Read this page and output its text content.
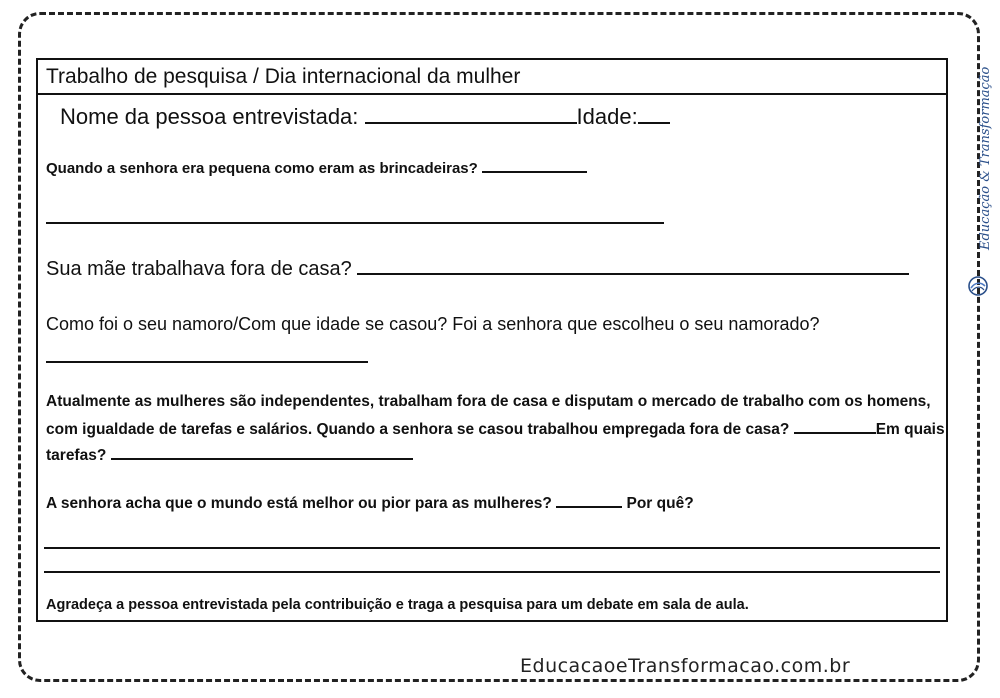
Trabalho de pesquisa / Dia internacional da mulher
Nome da pessoa entrevistada:	Idade:
Quando a senhora era pequena como eram as brincadeiras?
Sua mãe trabalhava fora de casa?
Como foi o seu namoro/Com que idade se casou? Foi a senhora que escolheu o seu namorado?
Atualmente as mulheres são independentes, trabalham fora de casa e disputam o mercado de trabalho com os homens,
com igualdade de tarefas e salários. Quando a senhora se casou trabalhou empregada fora de casa?	Em quais
tarefas?
A senhora acha que o mundo está melhor ou pior para as mulheres?	Por quê?
Agradeça a pessoa entrevistada pela contribuição e traga a pesquisa para um debate em sala de aula.
Educação & Transformação
EducacaoeTransformacao.com.br
